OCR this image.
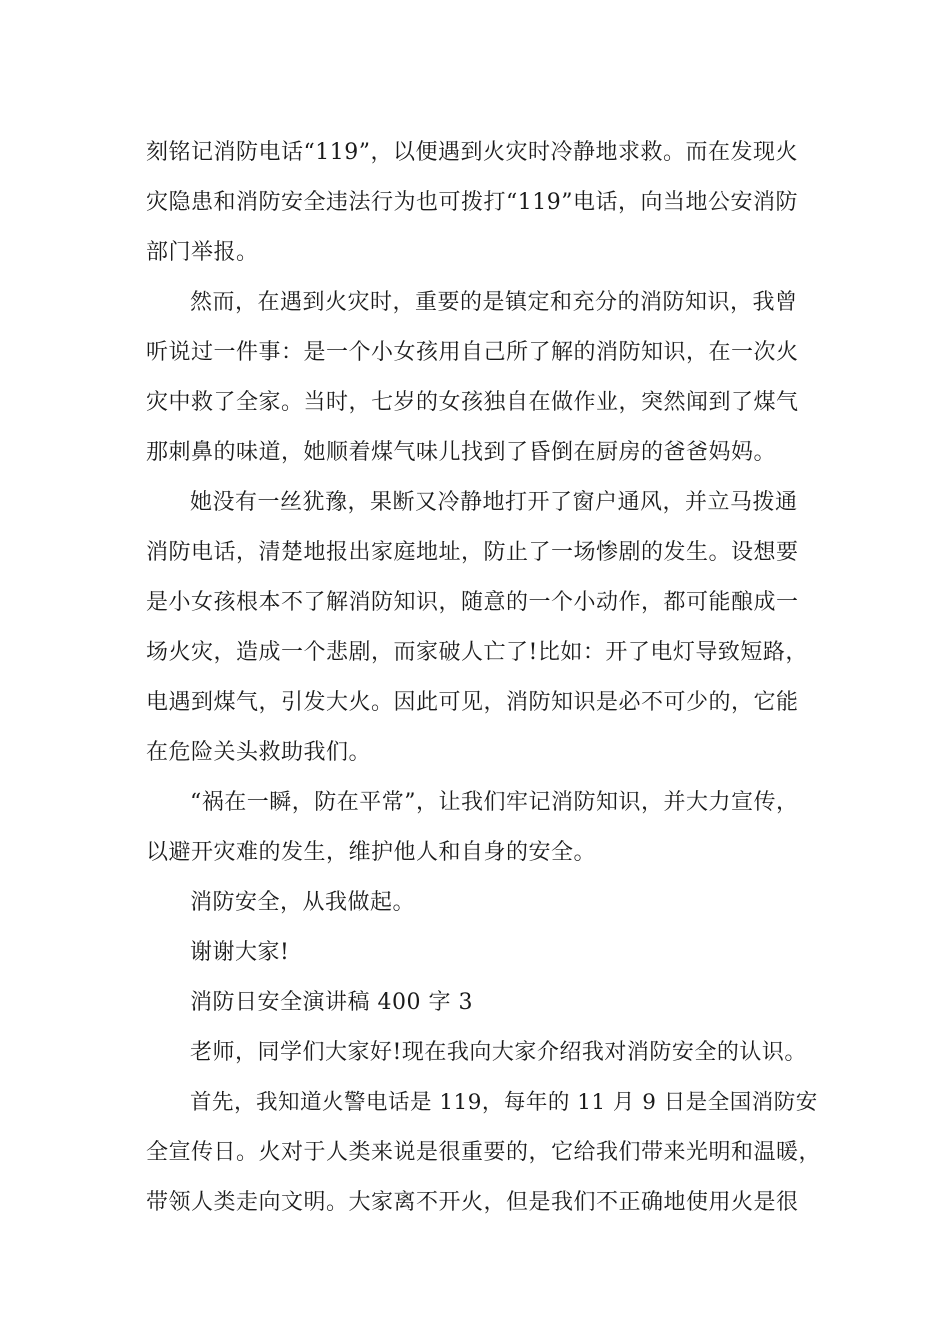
刻铭记消防电话“119”，以便遇到火灾时冷静地求救。而在发现火
灾隐患和消防安全违法行为也可拨打“119”电话，向当地公安消防
部门举报。
然而，在遇到火灾时，重要的是镇定和充分的消防知识，我曾
听说过一件事：是一个小女孩用自己所了解的消防知识，在一次火
灾中救了全家。当时，七岁的女孩独自在做作业，突然闻到了煤气
那刺鼻的味道，她顺着煤气味儿找到了昏倒在厨房的爸爸妈妈。
她没有一丝犹豫，果断又冷静地打开了窗户通风，并立马拨通
消防电话，清楚地报出家庭地址，防止了一场惨剧的发生。设想要
是小女孩根本不了解消防知识，随意的一个小动作，都可能酿成一
场火灾，造成一个悲剧，而家破人亡了!比如：开了电灯导致短路，
电遇到煤气，引发大火。因此可见，消防知识是必不可少的，它能
在危险关头救助我们。
“祸在一瞬，防在平常”，让我们牢记消防知识，并大力宣传，
以避开灾难的发生，维护他人和自身的安全。
消防安全，从我做起。
谢谢大家!
消防日安全演讲稿 400 字 3
老师，同学们大家好!现在我向大家介绍我对消防安全的认识。
首先，我知道火警电话是 119，每年的 11 月 9 日是全国消防安
全宣传日。火对于人类来说是很重要的，它给我们带来光明和温暖，
带领人类走向文明。大家离不开火，但是我们不正确地使用火是很
